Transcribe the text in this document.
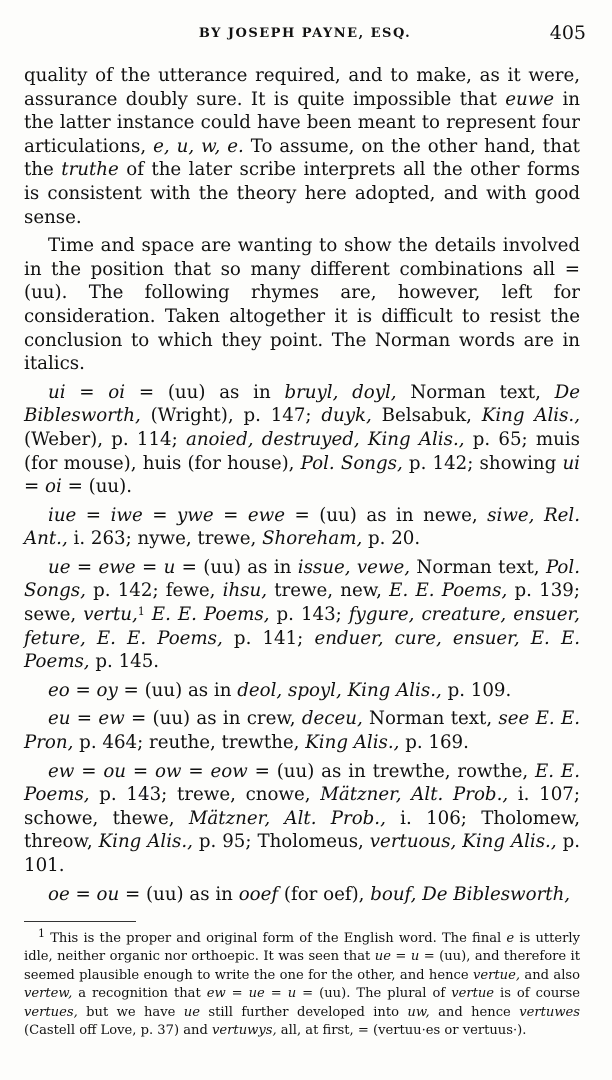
BY JOSEPH PAYNE, ESQ.	405

quality of the utterance required, and to make, as it were, assurance doubly sure. It is quite impossible that euwe in the latter instance could have been meant to represent four articulations, e, u, w, e. To assume, on the other hand, that the truthe of the later scribe interprets all the other forms is consistent with the theory here adopted, and with good sense.

Time and space are wanting to show the details involved in the position that so many different combinations all = (uu). The following rhymes are, however, left for consideration. Taken altogether it is difficult to resist the conclusion to which they point. The Norman words are in italics.

ui = oi = (uu) as in bruyl, doyl, Norman text, De Biblesworth, (Wright), p. 147; duyk, Belsabuk, King Alis., (Weber), p. 114; anoied, destruyed, King Alis., p. 65; muis (for mouse), huis (for house), Pol. Songs, p. 142; showing ui = oi = (uu).

iue = iwe = ywe = ewe = (uu) as in newe, siwe, Rel. Ant., i. 263; nywe, trewe, Shoreham, p. 20.

ue = ewe = u = (uu) as in issue, vewe, Norman text, Pol. Songs, p. 142; fewe, ihsu, trewe, new, E. E. Poems, p. 139; sewe, vertu,$^1$ E. E. Poems, p. 143; fygure, creature, ensuer, feture, E. E. Poems, p. 141; enduer, cure, ensuer, E. E. Poems, p. 145.

eo = oy = (uu) as in deol, spoyl, King Alis., p. 109.

eu = ew = (uu) as in crew, deceu, Norman text, see E. E. Pron, p. 464; reuthe, trewthe, King Alis., p. 169.

ew = ou = ow = eow = (uu) as in trewthe, rowthe, E. E. Poems, p. 143; trewe, cnowe, Mätzner, Alt. Prob., i. 107; schowe, thewe, Mätzner, Alt. Prob., i. 106; Tholomew, threow, King Alis., p. 95; Tholomeus, vertuous, King Alis., p. 101.

oe = ou = (uu) as in ooef (for oef), bouf, De Biblesworth,

$^1$ This is the proper and original form of the English word. The final e is utterly idle, neither organic nor orthoepic. It was seen that ue = u = (uu), and therefore it seemed plausible enough to write the one for the other, and hence vertue, and also vertew, a recognition that ew = ue = u = (uu). The plural of vertue is of course vertues, but we have ue still further developed into uw, and hence vertuwes (Castell off Love, p. 37) and vertuwys, all, at first, = (vertuu·es or vertuus·).
